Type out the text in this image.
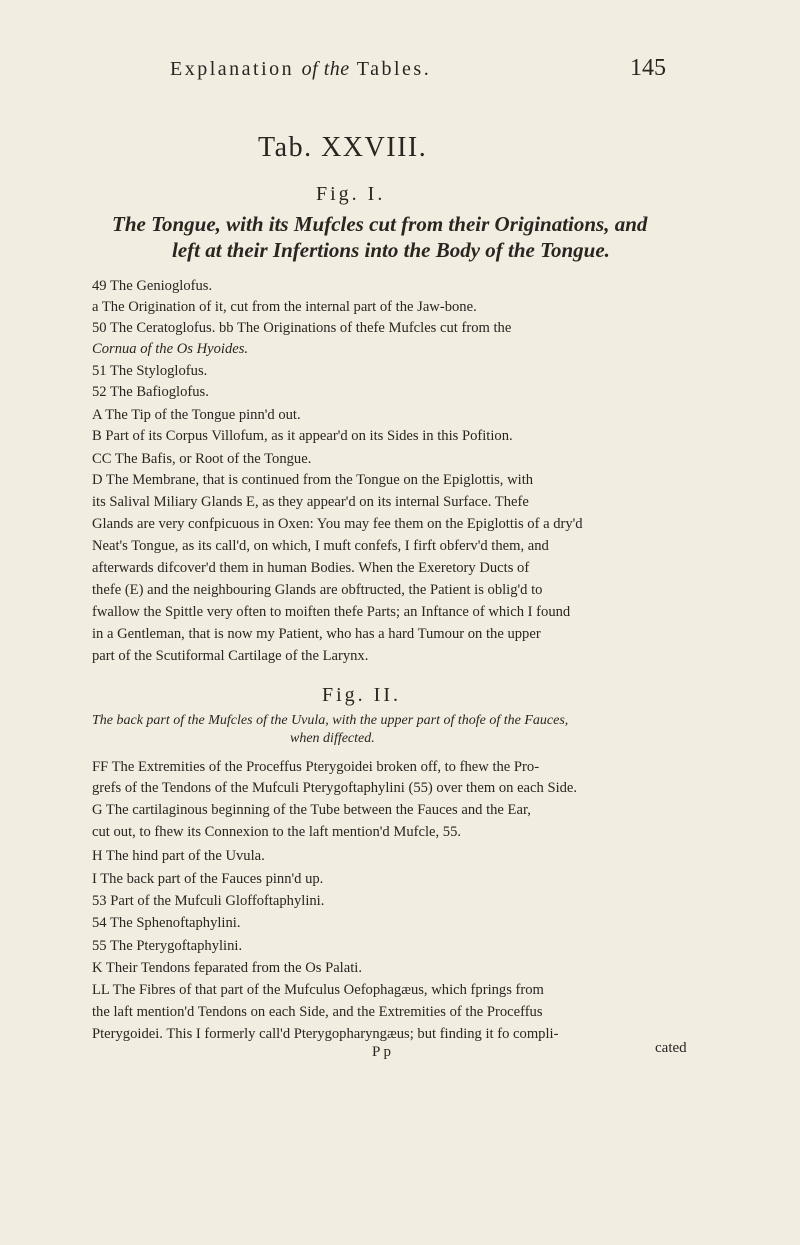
Explanation of the Tables.	145
Tab. XXVIII.
Fig. I.
The Tongue, with its Mufcles cut from their Originations, and
left at their Infertions into the Body of the Tongue.
49 The Genioglofus.
a The Origination of it, cut from the internal part of the Jaw-bone.
50 The Ceratoglofus. bb The Originations of thefe Mufcles cut from the
Cornua of the Os Hyoides.
51 The Styloglofus.
52 The Bafioglofus.
A The Tip of the Tongue pinn'd out.
B Part of its Corpus Villofum, as it appear'd on its Sides in this Pofition.
CC The Bafis, or Root of the Tongue.
D The Membrane, that is continued from the Tongue on the Epiglottis, with
its Salival Miliary Glands E, as they appear'd on its internal Surface. Thefe
Glands are very confpicuous in Oxen: You may fee them on the Epiglottis of a dry'd
Neat's Tongue, as its call'd, on which, I muft confefs, I firft obferv'd them, and
afterwards difcover'd them in human Bodies. When the Exeretory Ducts of
thefe (E) and the neighbouring Glands are obftructed, the Patient is oblig'd to
fwallow the Spittle very often to moiften thefe Parts; an Inftance of which I found
in a Gentleman, that is now my Patient, who has a hard Tumour on the upper
part of the Scutiformal Cartilage of the Larynx.
Fig. II.
The back part of the Mufcles of the Uvula, with the upper part of thofe of the Fauces,
when diffected.
FF The Extremities of the Proceffus Pterygoidei broken off, to fhew the Pro-
grefs of the Tendons of the Mufculi Pterygoftaphylini (55) over them on each Side.
G The cartilaginous beginning of the Tube between the Fauces and the Ear,
cut out, to fhew its Connexion to the laft mention'd Mufcle, 55.
H The hind part of the Uvula.
I The back part of the Fauces pinn'd up.
53 Part of the Mufculi Gloffoftaphylini.
54 The Sphenoftaphylini.
55 The Pterygoftaphylini.
K Their Tendons feparated from the Os Palati.
LL The Fibres of that part of the Mufculus Oefophagæus, which fprings from
the laft mention'd Tendons on each Side, and the Extremities of the Proceffus
Pterygoidei. This I formerly call'd Pterygopharyngæus; but finding it fo compli-
cated
P p
